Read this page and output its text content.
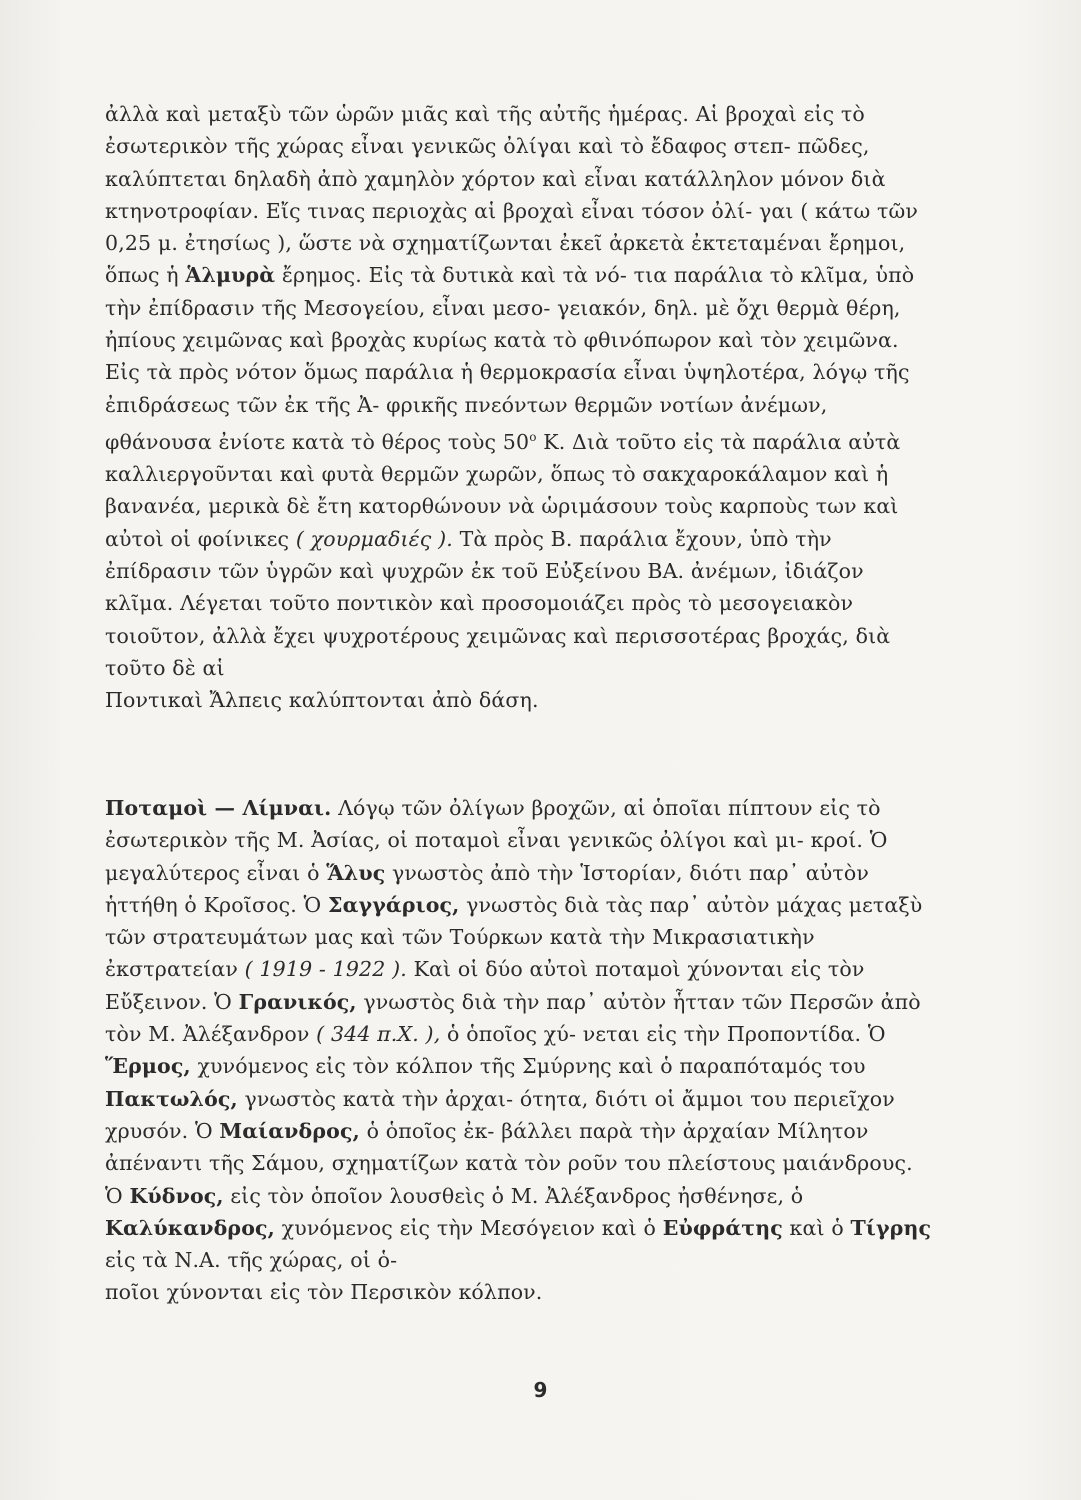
ἀλλὰ καὶ μεταξὺ τῶν ὡρῶν μιᾶς καὶ τῆς αὐτῆς ἡμέρας. Αἱ βροχαὶ εἰς τὸ ἐσωτερικὸν τῆς χώρας εἶναι γενικῶς ὀλίγαι καὶ τὸ ἔδαφος στεπ- πῶδες, καλύπτεται δηλαδὴ ἀπὸ χαμηλὸν χόρτον καὶ εἶναι κατάλληλον μόνον διὰ κτηνοτροφίαν. Εἴς τινας περιοχὰς αἱ βροχαὶ εἶναι τόσον ὀλί- γαι ( κάτω τῶν 0,25 μ. ἐτησίως ), ὥστε νὰ σχηματίζωνται ἐκεῖ ἀρκετὰ ἐκτεταμέναι ἔρημοι, ὅπως ἡ Ἁλμυρὰ ἔρημος. Εἰς τὰ δυτικὰ καὶ τὰ νό- τια παράλια τὸ κλῖμα, ὑπὸ τὴν ἐπίδρασιν τῆς Μεσογείου, εἶναι μεσο- γειακόν, δηλ. μὲ ὄχι θερμὰ θέρη, ἠπίους χειμῶνας καὶ βροχὰς κυρίως κατὰ τὸ φθινόπωρον καὶ τὸν χειμῶνα. Εἰς τὰ πρὸς νότον ὅμως παράλια ἡ θερμοκρασία εἶναι ὑψηλοτέρα, λόγῳ τῆς ἐπιδράσεως τῶν ἐκ τῆς Ἀ- φρικῆς πνεόντων θερμῶν νοτίων ἀνέμων, φθάνουσα ἐνίοτε κατὰ τὸ θέρος τοὺς $50^o$ Κ. Διὰ τοῦτο εἰς τὰ παράλια αὐτὰ καλλιεργοῦνται καὶ φυτὰ θερμῶν χωρῶν, ὅπως τὸ σακχαροκάλαμον καὶ ἡ βανανέα, μερικὰ δὲ ἔτη κατορθώνουν νὰ ὡριμάσουν τοὺς καρποὺς των καὶ αὐτοὶ οἱ φοίνικες ( χουρμαδιές ). Τὰ πρὸς Β. παράλια ἔχουν, ὑπὸ τὴν ἐπίδρασιν τῶν ὑγρῶν καὶ ψυχρῶν ἐκ τοῦ Εὐξείνου ΒΑ. ἀνέμων, ἰδιάζον κλῖμα. Λέγεται τοῦτο ποντικὸν καὶ προσομοιάζει πρὸς τὸ μεσογειακὸν τοιοῦτον, ἀλλὰ ἔχει ψυχροτέρους χειμῶνας καὶ περισσοτέρας βροχάς, διὰ τοῦτο δὲ αἱ
Ποντικαὶ Ἄλπεις καλύπτονται ἀπὸ δάση.
Ποταμοὶ — Λίμναι. Λόγῳ τῶν ὀλίγων βροχῶν, αἱ ὁποῖαι πίπτουν εἰς τὸ ἐσωτερικὸν τῆς Μ. Ἀσίας, οἱ ποταμοὶ εἶναι γενικῶς ὀλίγοι καὶ μι- κροί. Ὁ μεγαλύτερος εἶναι ὁ Ἅλυς γνωστὸς ἀπὸ τὴν Ἱστορίαν, διότι παρ᾽ αὐτὸν ἡττήθη ὁ Κροῖσος. Ὁ Σαγγάριος, γνωστὸς διὰ τὰς παρ᾽ αὐτὸν μάχας μεταξὺ τῶν στρατευμάτων μας καὶ τῶν Τούρκων κατὰ τὴν Μικρασιατικὴν ἐκστρατείαν ( 1919 - 1922 ). Καὶ οἱ δύο αὐτοὶ ποταμοὶ χύνονται εἰς τὸν Εὔξεινον. Ὁ Γρανικός, γνωστὸς διὰ τὴν παρ᾽ αὐτὸν ἧτταν τῶν Περσῶν ἀπὸ τὸν Μ. Ἀλέξανδρον ( 344 π.Χ. ), ὁ ὁποῖος χύ- νεται εἰς τὴν Προποντίδα. Ὁ Ἕρμος, χυνόμενος εἰς τὸν κόλπον τῆς Σμύρνης καὶ ὁ παραπόταμός του Πακτωλός, γνωστὸς κατὰ τὴν ἀρχαι- ότητα, διότι οἱ ἄμμοι του περιεῖχον χρυσόν. Ὁ Μαίανδρος, ὁ ὁποῖος ἐκ- βάλλει παρὰ τὴν ἀρχαίαν Μίλητον ἀπέναντι τῆς Σάμου, σχηματίζων κατὰ τὸν ροῦν του πλείστους μαιάνδρους. Ὁ Κύδνος, εἰς τὸν ὁποῖον λουσθεὶς ὁ Μ. Ἀλέξανδρος ἠσθένησε, ὁ Καλύκανδρος, χυνόμενος εἰς τὴν Μεσόγειον καὶ ὁ Εὐφράτης καὶ ὁ Τίγρης εἰς τὰ Ν.Α. τῆς χώρας, οἱ ὁ-
ποῖοι χύνονται εἰς τὸν Περσικὸν κόλπον.
9
